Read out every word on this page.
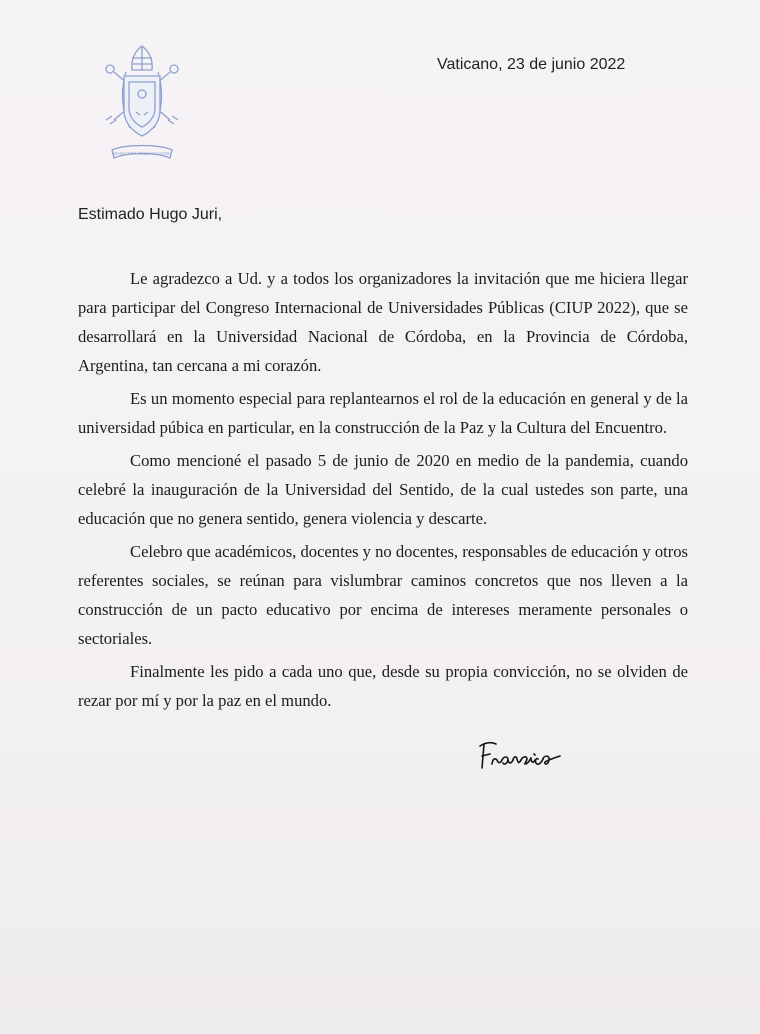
MISERANDO ATQUE ELIGENDO
Vaticano, 23 de junio 2022
Estimado Hugo Juri,

Le agradezco a Ud. y a todos los organizadores la invitación que me hiciera llegar para participar del Congreso Internacional de Universidades Públicas (CIUP 2022), que se desarrollará en la Universidad Nacional de Córdoba, en la Provincia de Córdoba, Argentina, tan cercana a mi corazón.

Es un momento especial para replantearnos el rol de la educación en general y de la universidad púbica en particular, en la construcción de la Paz y la Cultura del Encuentro.

Como mencioné el pasado 5 de junio de 2020 en medio de la pandemia, cuando celebré la inauguración de la Universidad del Sentido, de la cual ustedes son parte, una educación que no genera sentido, genera violencia y descarte.

Celebro que académicos, docentes y no docentes, responsables de educación y otros referentes sociales, se reúnan para vislumbrar caminos concretos que nos lleven a la construcción de un pacto educativo por encima de intereses meramente personales o sectoriales.

Finalmente les pido a cada uno que, desde su propia convicción, no se olviden de rezar por mí y por la paz en el mundo.
